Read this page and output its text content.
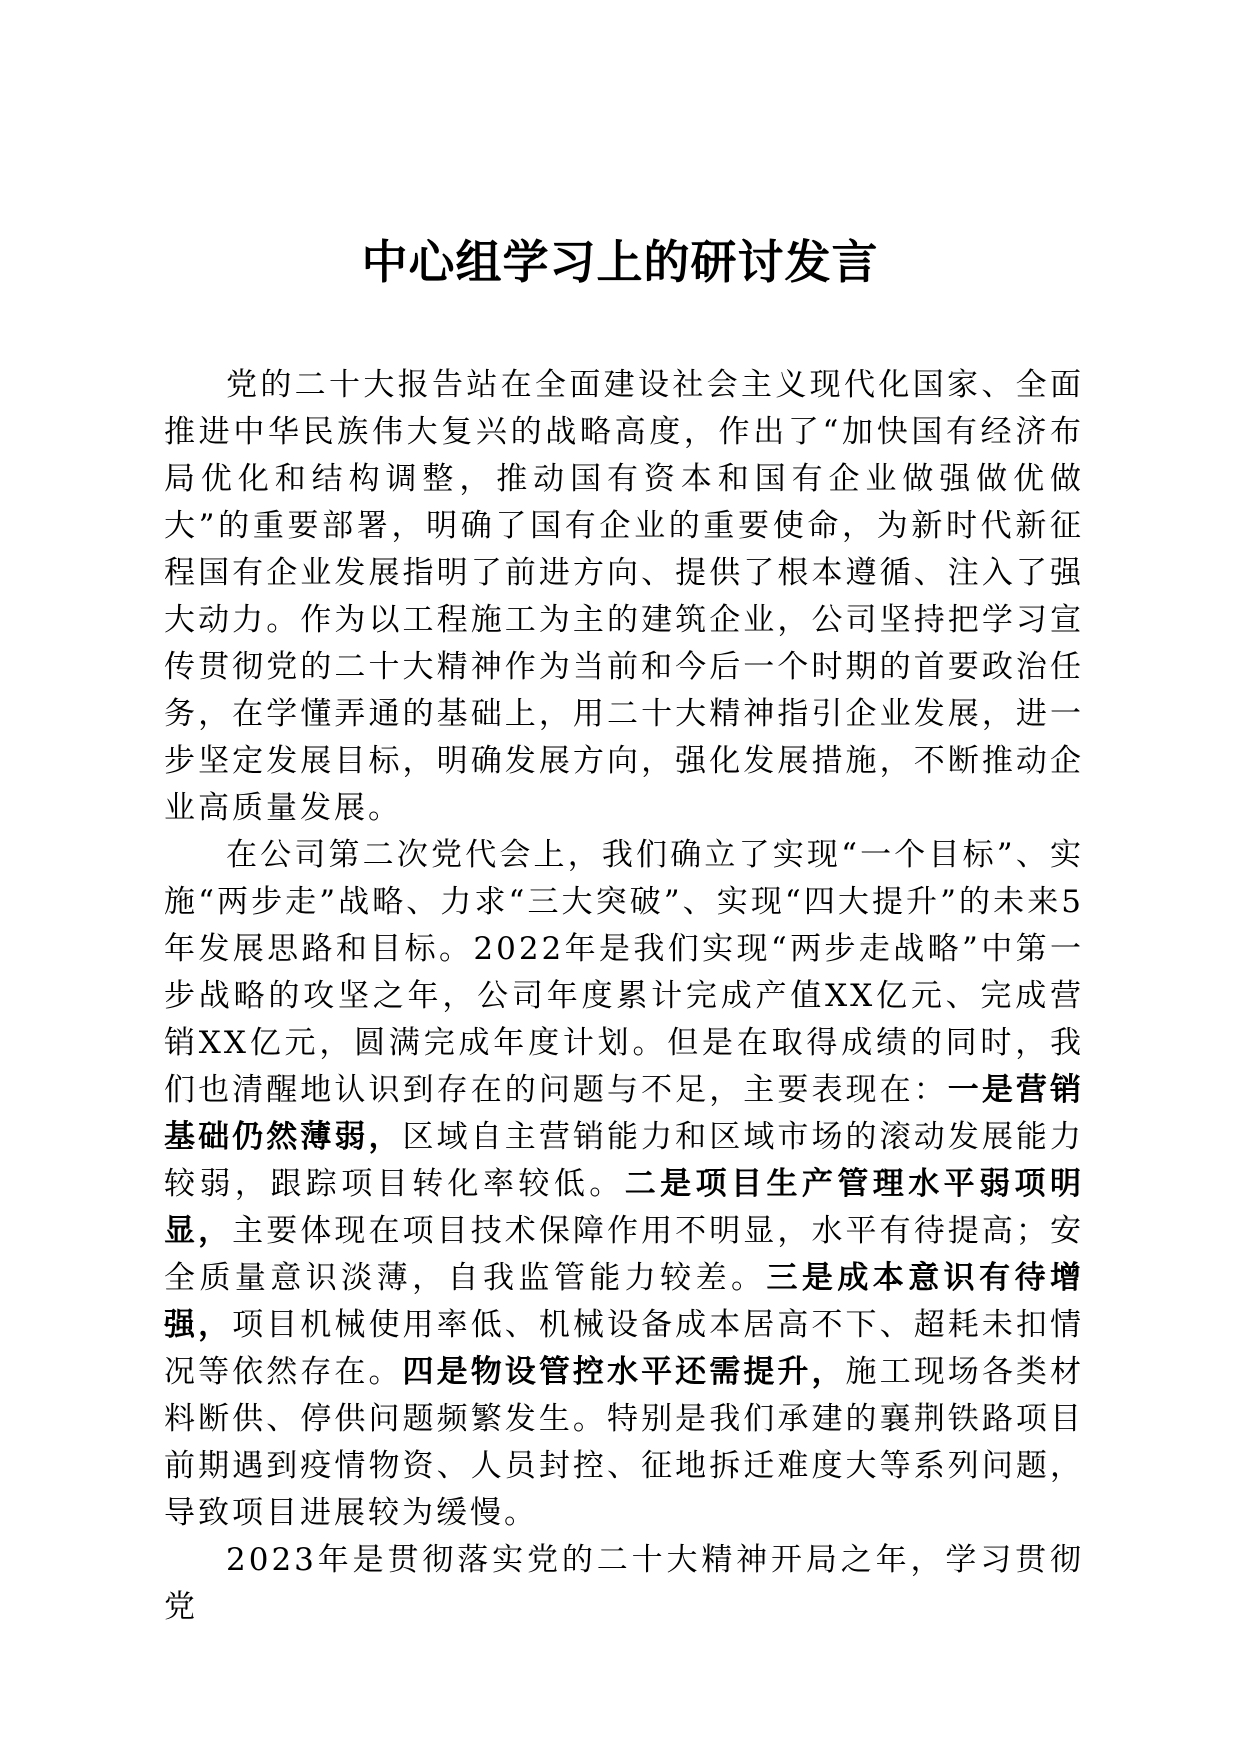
中心组学习上的研讨发言

党的二十大报告站在全面建设社会主义现代化国家、全面推进中华民族伟大复兴的战略高度，作出了“加快国有经济布局优化和结构调整，推动国有资本和国有企业做强做优做大”的重要部署，明确了国有企业的重要使命，为新时代新征程国有企业发展指明了前进方向、提供了根本遵循、注入了强大动力。作为以工程施工为主的建筑企业，公司坚持把学习宣传贯彻党的二十大精神作为当前和今后一个时期的首要政治任务，在学懂弄通的基础上，用二十大精神指引企业发展，进一步坚定发展目标，明确发展方向，强化发展措施，不断推动企业高质量发展。

在公司第二次党代会上，我们确立了实现“一个目标”、实施“两步走”战略、力求“三大突破”、实现“四大提升”的未来5年发展思路和目标。2022年是我们实现“两步走战略”中第一步战略的攻坚之年，公司年度累计完成产值XX亿元、完成营销XX亿元，圆满完成年度计划。但是在取得成绩的同时，我们也清醒地认识到存在的问题与不足，主要表现在：一是营销基础仍然薄弱，区域自主营销能力和区域市场的滚动发展能力较弱，跟踪项目转化率较低。二是项目生产管理水平弱项明显，主要体现在项目技术保障作用不明显，水平有待提高；安全质量意识淡薄，自我监管能力较差。三是成本意识有待增强，项目机械使用率低、机械设备成本居高不下、超耗未扣情况等依然存在。四是物设管控水平还需提升，施工现场各类材料断供、停供问题频繁发生。特别是我们承建的襄荆铁路项目前期遇到疫情物资、人员封控、征地拆迁难度大等系列问题，导致项目进展较为缓慢。

2023年是贯彻落实党的二十大精神开局之年，学习贯彻党
